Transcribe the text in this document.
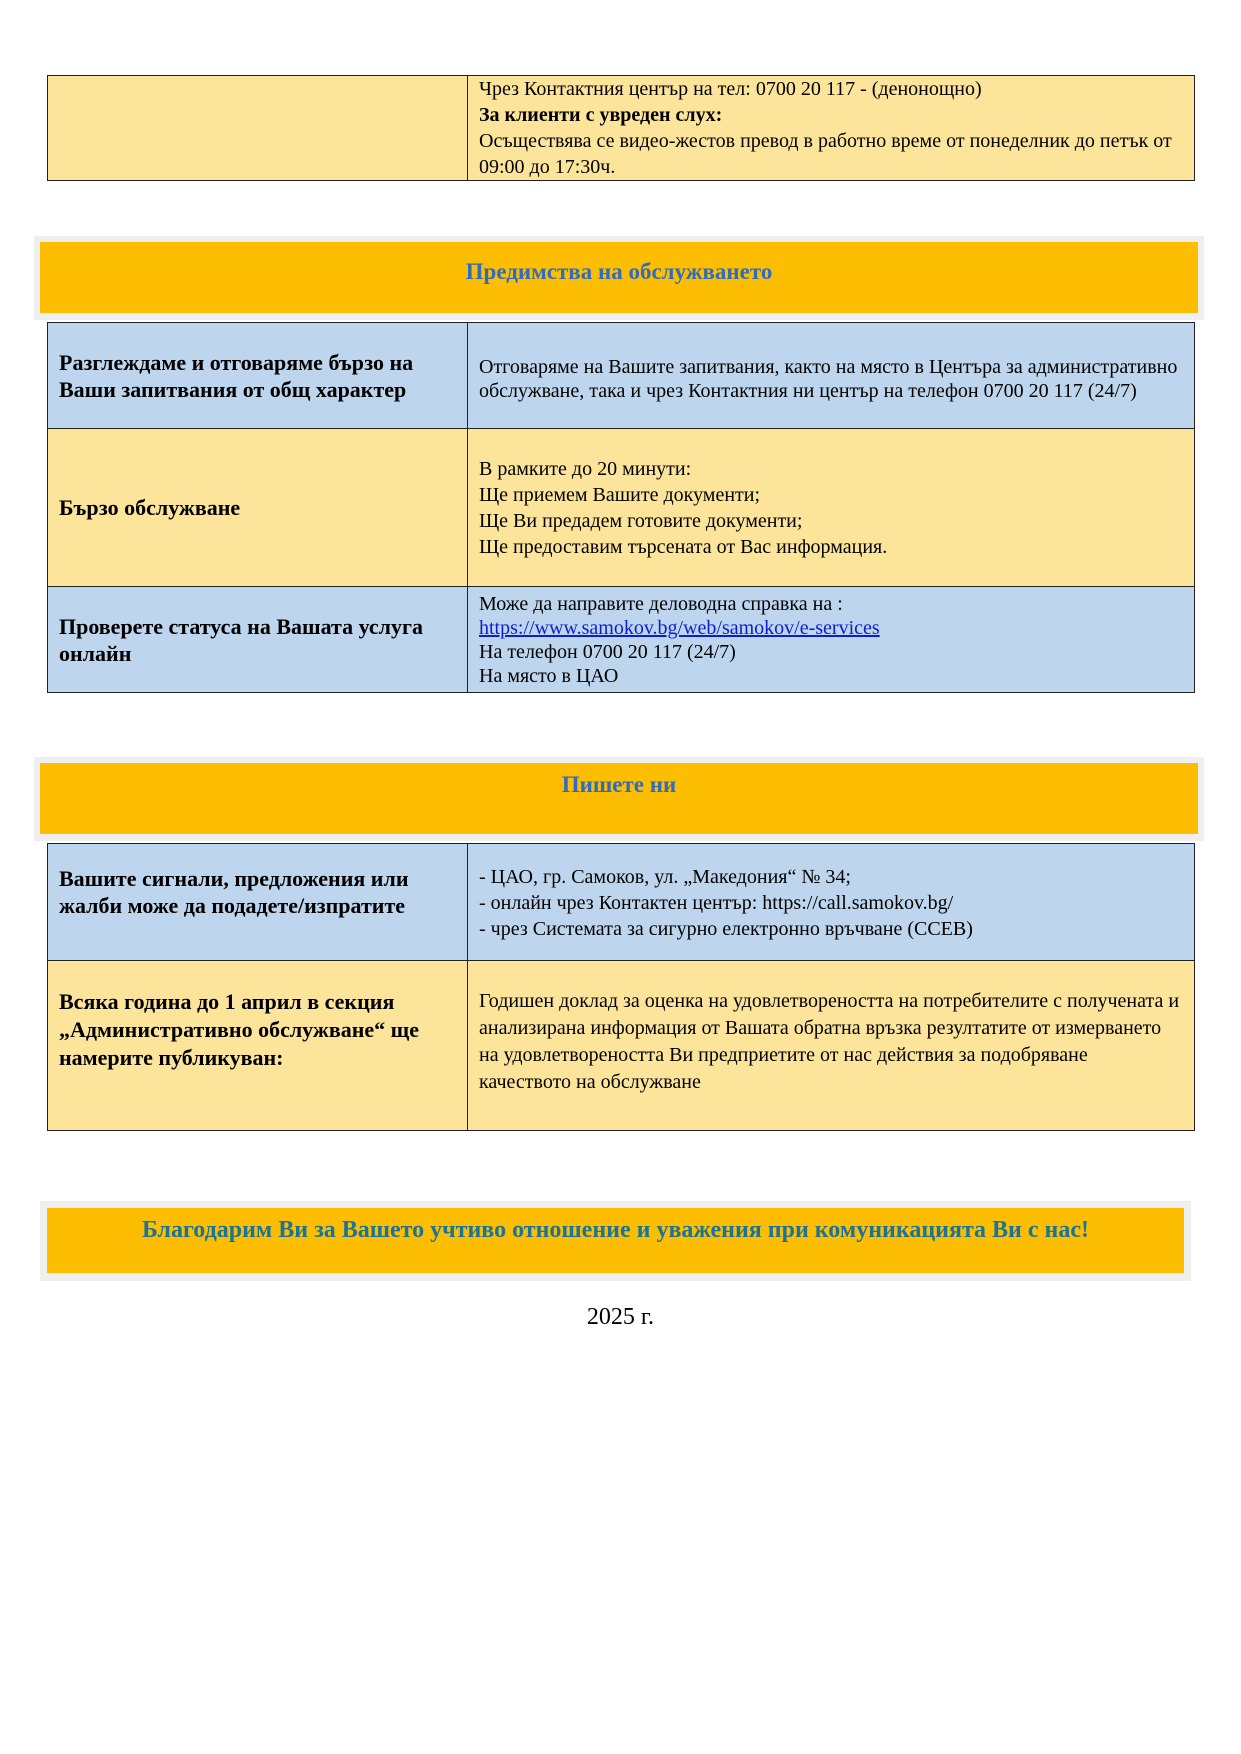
Чрез Контактния център на тел: 0700 20 117 - (денонощно)
За клиенти с увреден слух:
Осъществява се видео-жестов превод в работно време от понеделник до петък от 09:00 до 17:30ч.
Предимства на обслужването
Разглеждаме и отговаряме бързо на Ваши запитвания от общ характер	Отговаряме на Вашите запитвания, както на място в Центъра за административно обслужване, така и чрез Контактния ни център на телефон 0700 20 117 (24/7)
Бързо обслужване	В рамките до 20 минути:
Ще приемем Вашите документи;
Ще Ви предадем готовите документи;
Ще предоставим търсената от Вас информация.

Проверете статуса на Вашата услуга онлайн	Може да направите деловодна справка на :
https://www.samokov.bg/web/samokov/e-services
На телефон 0700 20 117 (24/7)
На място в ЦАО
Пишете ни
Вашите сигнали, предложения или жалби може да подадете/изпратите	- ЦАО, гр. Самоков, ул. „Македония“ № 34;
- онлайн чрез Контактен център: https://call.samokov.bg/
- чрез Системата за сигурно електронно връчване (ССЕВ)

Всяка година до 1 април в секция „Административно обслужване“ ще намерите публикуван:	Годишен доклад за оценка на удовлетвореността на потребителите с получената и анализирана информация от Вашата обратна връзка резултатите от измерването на удовлетвореността Ви предприетите от нас действия за подобряване качеството на обслужване
Благодарим Ви за Вашето учтиво отношение и уважения при комуникацията Ви с нас!
2025 г.
